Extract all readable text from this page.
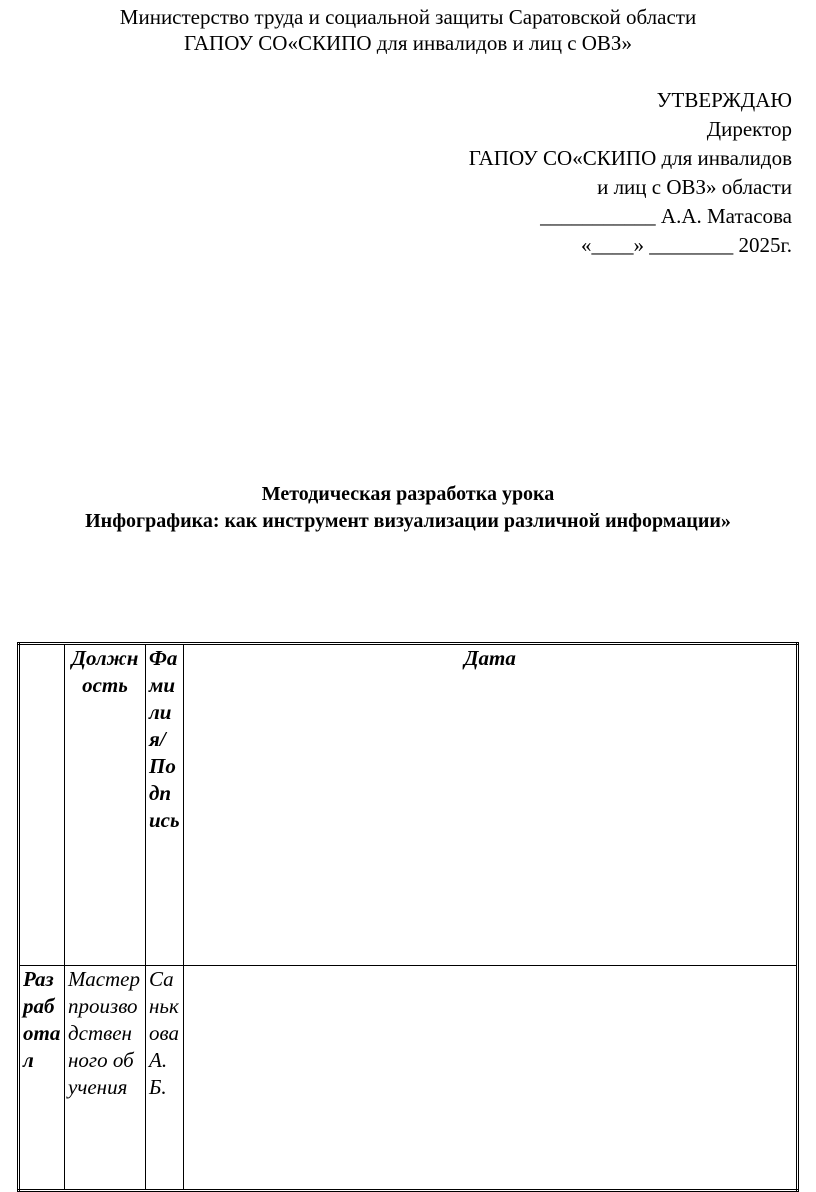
Министерство труда и социальной защиты Саратовской области
ГАПОУ СО«СКИПО для инвалидов и лиц с ОВЗ»
УТВЕРЖДАЮ
Директор
ГАПОУ СО«СКИПО для инвалидов
и лиц с ОВЗ» области
___________ А.А. Матасова
«____» ________ 2025г.
Методическая разработка урока
Инфографика: как инструмент визуализации различной информации»
	Должность	Фамилия/Подпись	Дата
Разработал	Мастер производственного обучения	Санькова А.Б.	
